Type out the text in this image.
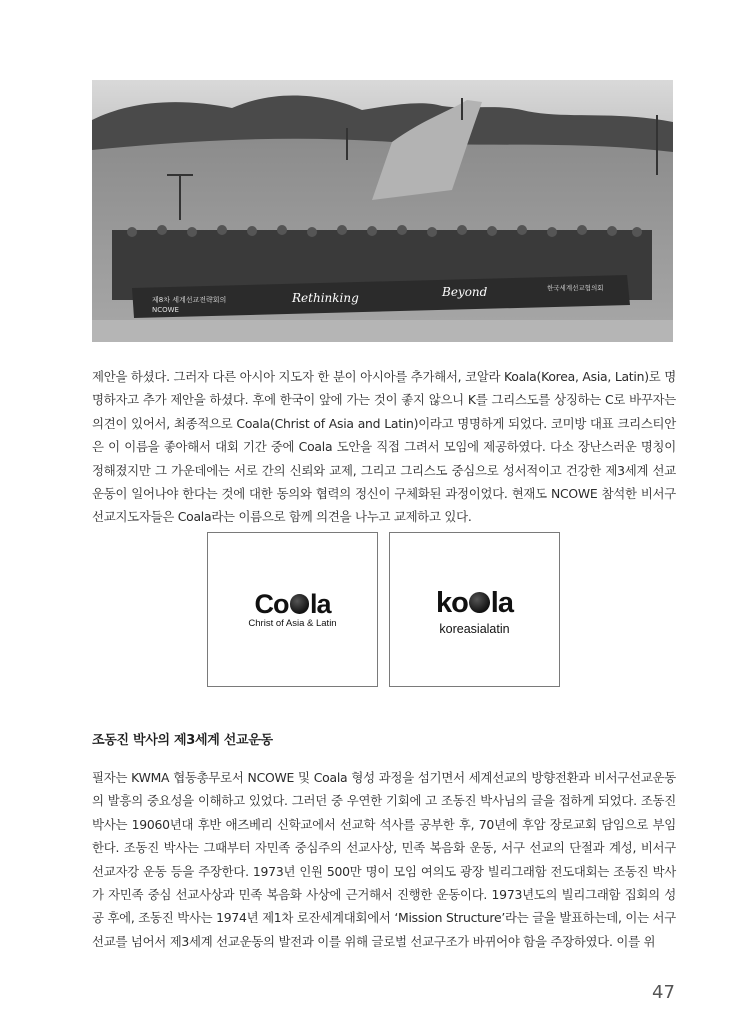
제8차 세계선교전략회의
NCOWE
Rethinking	Beyond	한국세계선교협의회

제안을 하셨다. 그러자 다른 아시아 지도자 한 분이 아시아를 추가해서, 코알라 Koala(Korea, Asia, Latin)로 명명하자고 추가 제안을 하셨다. 후에 한국이 앞에 가는 것이 좋지 않으니 K를 그리스도를 상징하는 C로 바꾸자는 의견이 있어서, 최종적으로 Coala(Christ of Asia and Latin)이라고 명명하게 되었다. 코미방 대표 크리스티안은 이 이름을 좋아해서 대회 기간 중에 Coala 도안을 직접 그려서 모임에 제공하였다. 다소 장난스러운 명칭이 정해졌지만 그 가운데에는 서로 간의 신뢰와 교제, 그리고 그리스도 중심으로 성서적이고 건강한 제3세계 선교운동이 일어나야 한다는 것에 대한 동의와 협력의 정신이 구체화된 과정이었다. 현재도 NCOWE 참석한 비서구 선교지도자들은 Coala라는 이름으로 함께 의견을 나누고 교제하고 있다.

Co la
Christ of Asia & Latin
ko la
koreasialatin
조동진 박사의 제3세계 선교운동

필자는 KWMA 협동총무로서 NCOWE 및 Coala 형성 과정을 섬기면서 세계선교의 방향전환과 비서구선교운동의 발흥의 중요성을 이해하고 있었다. 그러던 중 우연한 기회에 고 조동진 박사님의 글을 접하게 되었다. 조동진 박사는 19060년대 후반 애즈베리 신학교에서 선교학 석사를 공부한 후, 70년에 후암 장로교회 담임으로 부임한다. 조동진 박사는 그때부터 자민족 중심주의 선교사상, 민족 복음화 운동, 서구 선교의 단절과 계성, 비서구 선교자강 운동 등을 주장한다. 1973년 인원 500만 명이 모임 여의도 광장 빌리그래함 전도대회는 조동진 박사가 자민족 중심 선교사상과 민족 복음화 사상에 근거해서 진행한 운동이다. 1973년도의 빌리그래함 집회의 성공 후에, 조동진 박사는 1974년 제1차 로잔세계대회에서 ‘Mission Structure’라는 글을 발표하는데, 이는 서구 선교를 넘어서 제3세계 선교운동의 발전과 이를 위해 글로벌 선교구조가 바뀌어야 함을 주장하였다. 이를 위

47
